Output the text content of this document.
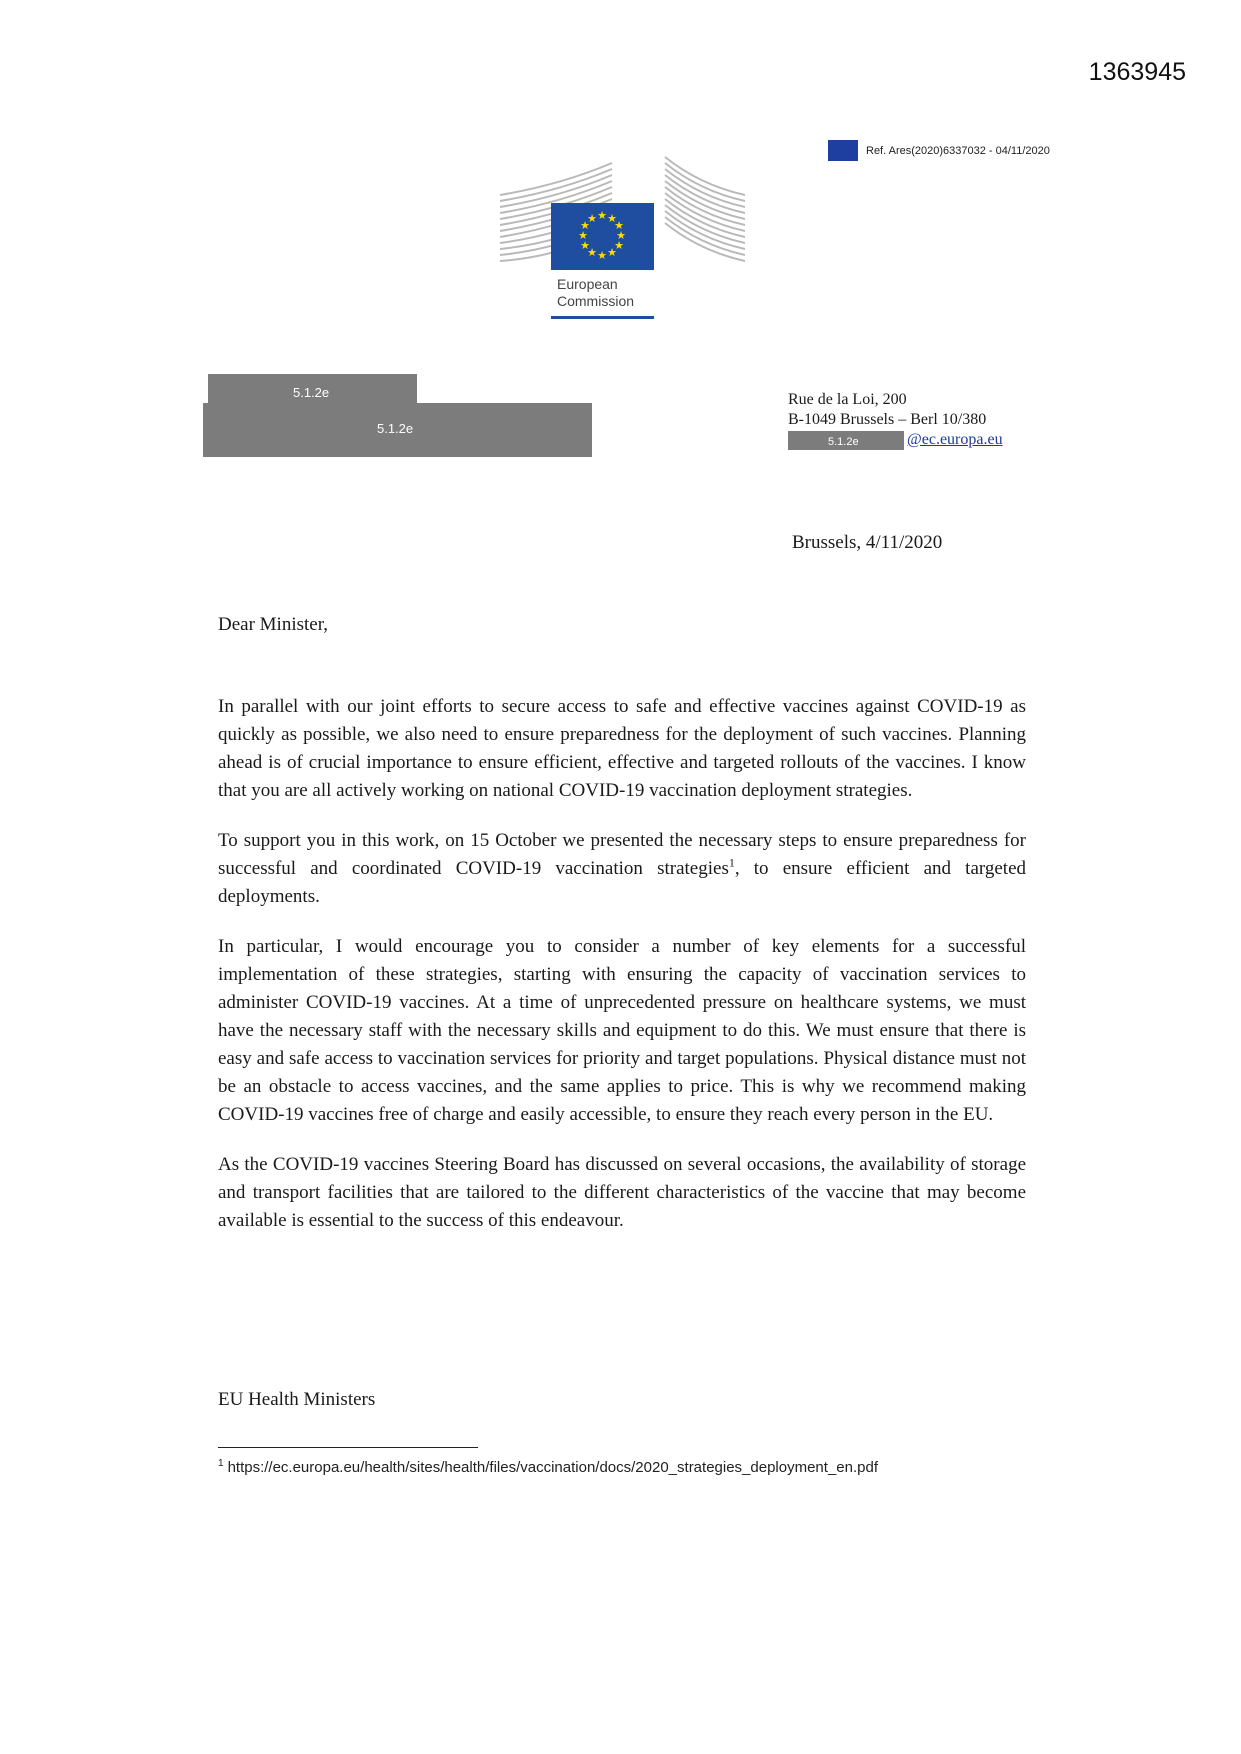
1363945
Ref. Ares(2020)6337032 - 04/11/2020
★ ★
★
★
★
★
★
★
★
★
★
★
European
Commission
5.1.2e
5.1.2e
Rue de la Loi, 200
B-1049 Brussels – Berl 10/380
5.1.2e	@ec.europa.eu
Brussels, 4/11/2020
Dear Minister,

In parallel with our joint efforts to secure access to safe and effective vaccines against COVID-19 as quickly as possible, we also need to ensure preparedness for the deployment of such vaccines. Planning ahead is of crucial importance to ensure efficient, effective and targeted rollouts of the vaccines. I know that you are all actively working on national COVID-19 vaccination deployment strategies.

To support you in this work, on 15 October we presented the necessary steps to ensure preparedness for successful and coordinated COVID-19 vaccination strategies$^1$, to ensure efficient and targeted deployments.

In particular, I would encourage you to consider a number of key elements for a successful implementation of these strategies, starting with ensuring the capacity of vaccination services to administer COVID-19 vaccines. At a time of unprecedented pressure on healthcare systems, we must have the necessary staff with the necessary skills and equipment to do this. We must ensure that there is easy and safe access to vaccination services for priority and target populations. Physical distance must not be an obstacle to access vaccines, and the same applies to price. This is why we recommend making COVID-19 vaccines free of charge and easily accessible, to ensure they reach every person in the EU.

As the COVID-19 vaccines Steering Board has discussed on several occasions, the availability of storage and transport facilities that are tailored to the different characteristics of the vaccine that may become available is essential to the success of this endeavour.

EU Health Ministers
$^1$ https://ec.europa.eu/health/sites/health/files/vaccination/docs/2020_strategies_deployment_en.pdf
